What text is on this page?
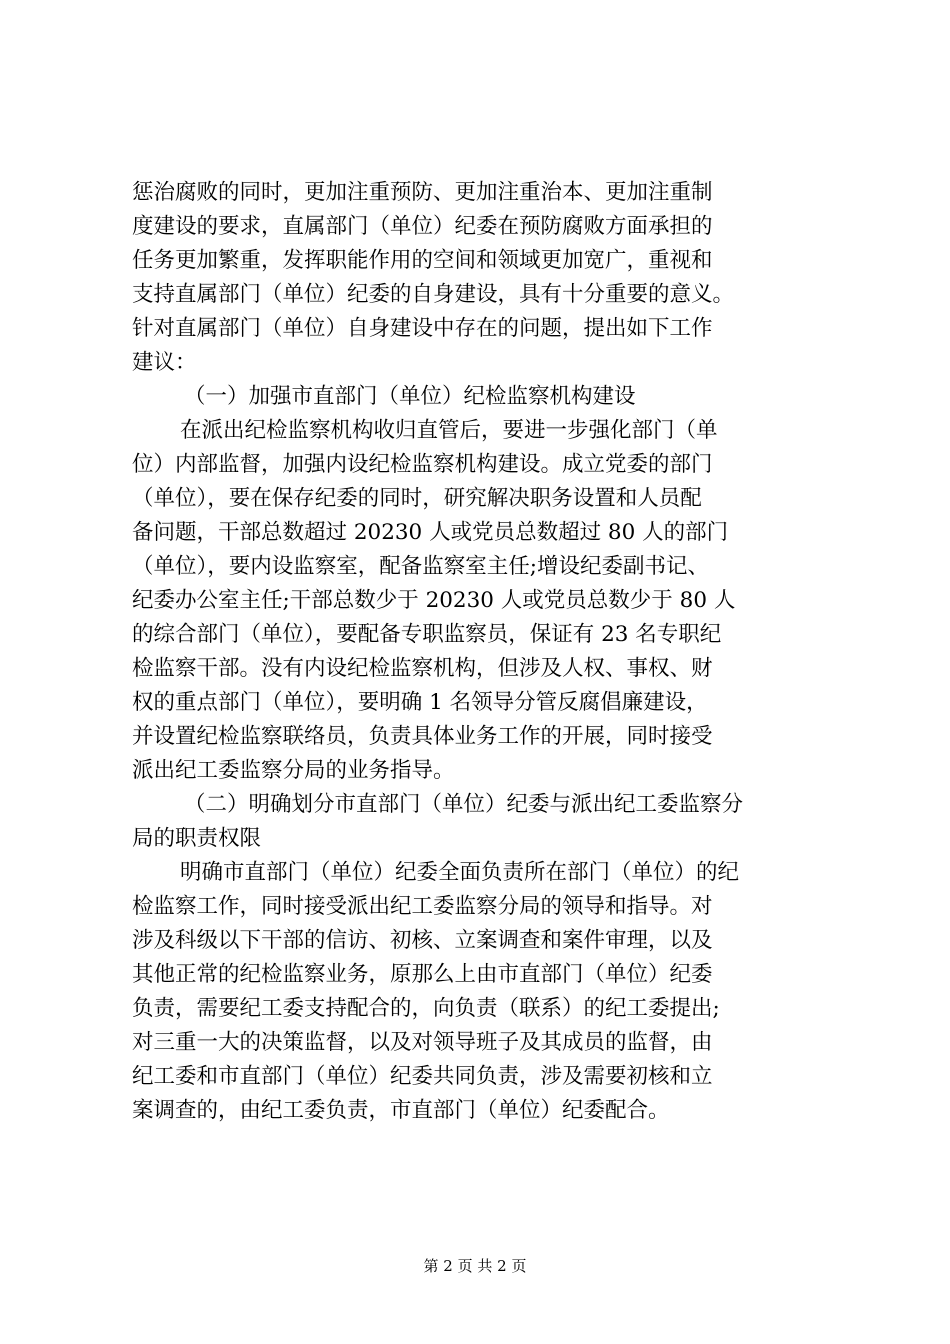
惩治腐败的同时，更加注重预防、更加注重治本、更加注重制
度建设的要求，直属部门（单位）纪委在预防腐败方面承担的
任务更加繁重，发挥职能作用的空间和领域更加宽广，重视和
支持直属部门（单位）纪委的自身建设，具有十分重要的意义。
针对直属部门（单位）自身建设中存在的问题，提出如下工作
建议：
（一）加强市直部门（单位）纪检监察机构建设
在派出纪检监察机构收归直管后，要进一步强化部门（单
位）内部监督，加强内设纪检监察机构建设。成立党委的部门
（单位），要在保存纪委的同时，研究解决职务设置和人员配
备问题，干部总数超过 20230 人或党员总数超过 80 人的部门
（单位），要内设监察室，配备监察室主任;增设纪委副书记、
纪委办公室主任;干部总数少于 20230 人或党员总数少于 80 人
的综合部门（单位），要配备专职监察员，保证有 23 名专职纪
检监察干部。没有内设纪检监察机构，但涉及人权、事权、财
权的重点部门（单位），要明确 1 名领导分管反腐倡廉建设，
并设置纪检监察联络员，负责具体业务工作的开展，同时接受
派出纪工委监察分局的业务指导。
（二）明确划分市直部门（单位）纪委与派出纪工委监察分
局的职责权限
明确市直部门（单位）纪委全面负责所在部门（单位）的纪
检监察工作，同时接受派出纪工委监察分局的领导和指导。对
涉及科级以下干部的信访、初核、立案调查和案件审理，以及
其他正常的纪检监察业务，原那么上由市直部门（单位）纪委
负责，需要纪工委支持配合的，向负责（联系）的纪工委提出;
对三重一大的决策监督，以及对领导班子及其成员的监督，由
纪工委和市直部门（单位）纪委共同负责，涉及需要初核和立
案调查的，由纪工委负责，市直部门（单位）纪委配合。
第 2 页 共 2 页
